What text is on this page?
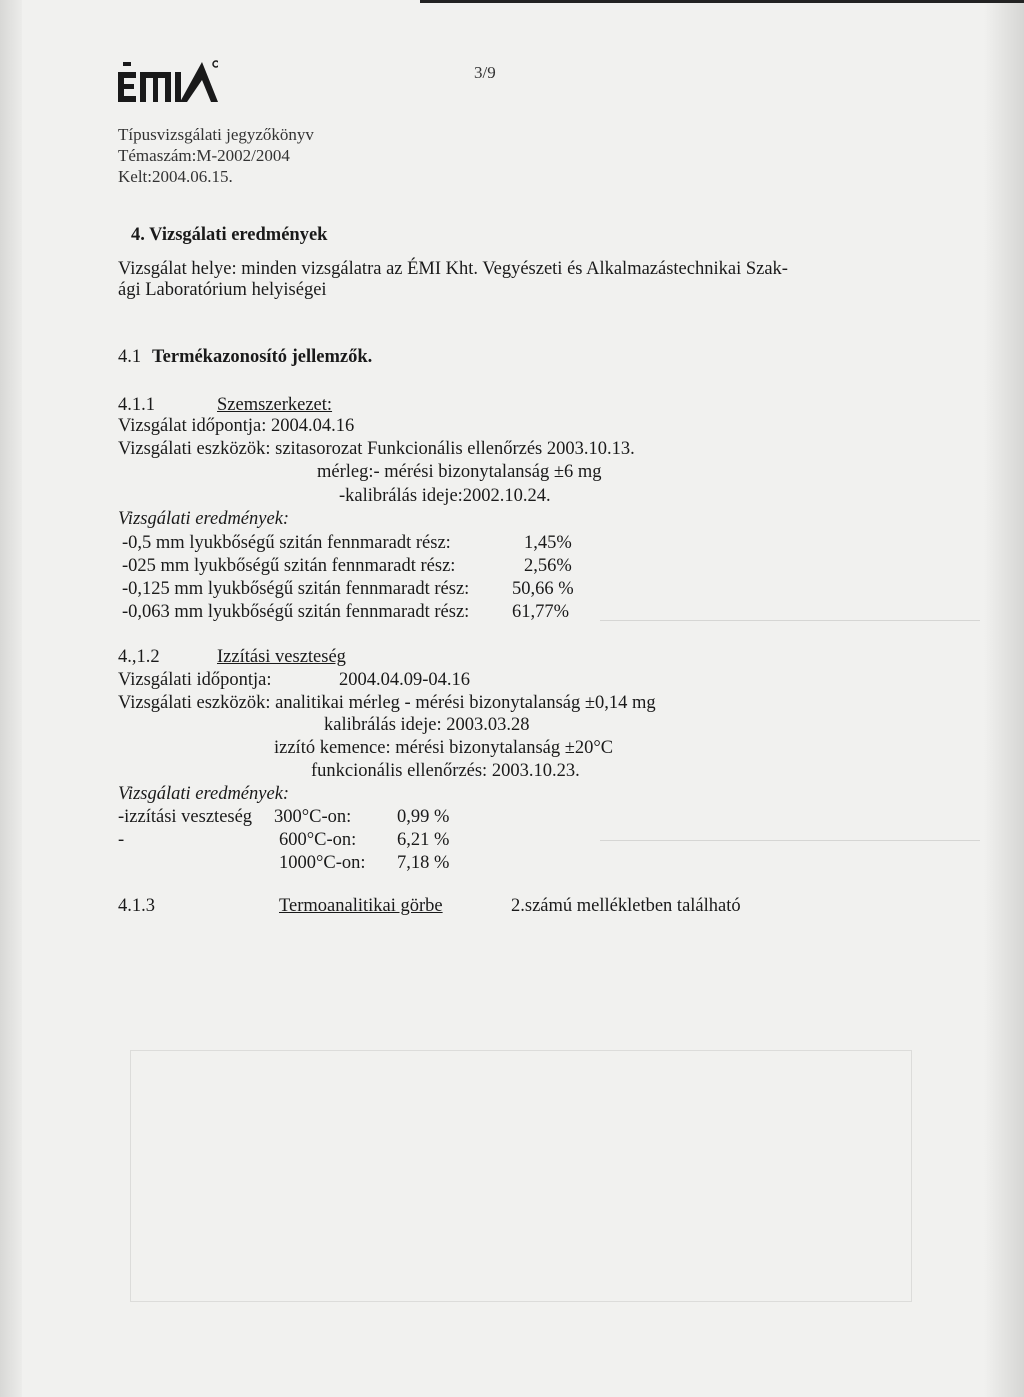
3/9
Típusvizsgálati jegyzőkönyv
Témaszám:M-2002/2004
Kelt:2004.06.15.
4. Vizsgálati eredmények
Vizsgálat helye: minden vizsgálatra az ÉMI Kht. Vegyészeti és Alkalmazástechnikai Szak-
ági Laboratórium helyiségei
4.1 Termékazonosító jellemzők.
4.1.1	Szemszerkezet:
Vizsgálat időpontja: 2004.04.16
Vizsgálati eszközök: szitasorozat Funkcionális ellenőrzés 2003.10.13.
mérleg:- mérési bizonytalanság ±6 mg
-kalibrálás ideje:2002.10.24.
Vizsgálati eredmények:
-0,5 mm lyukbőségű szitán fennmaradt rész:	1,45%
-025 mm lyukbőségű szitán fennmaradt rész:	2,56%
-0,125 mm lyukbőségű szitán fennmaradt rész: 50,66 %
-0,063 mm lyukbőségű szitán fennmaradt rész: 61,77%
4.,1.2	Izzítási veszteség
Vizsgálati időpontja:	2004.04.09-04.16
Vizsgálati eszközök: analitikai mérleg - mérési bizonytalanság ±0,14 mg
kalibrálás ideje: 2003.03.28
izzító kemence: mérési bizonytalanság ±20°C
funkcionális ellenőrzés: 2003.10.23.
Vizsgálati eredmények:
-izzítási veszteség 300°C-on: 0,99 %
-	600°C-on: 6,21 %
1000°C-on: 7,18 %
4.1.3	Termoanalitikai görbe	2.számú mellékletben található
